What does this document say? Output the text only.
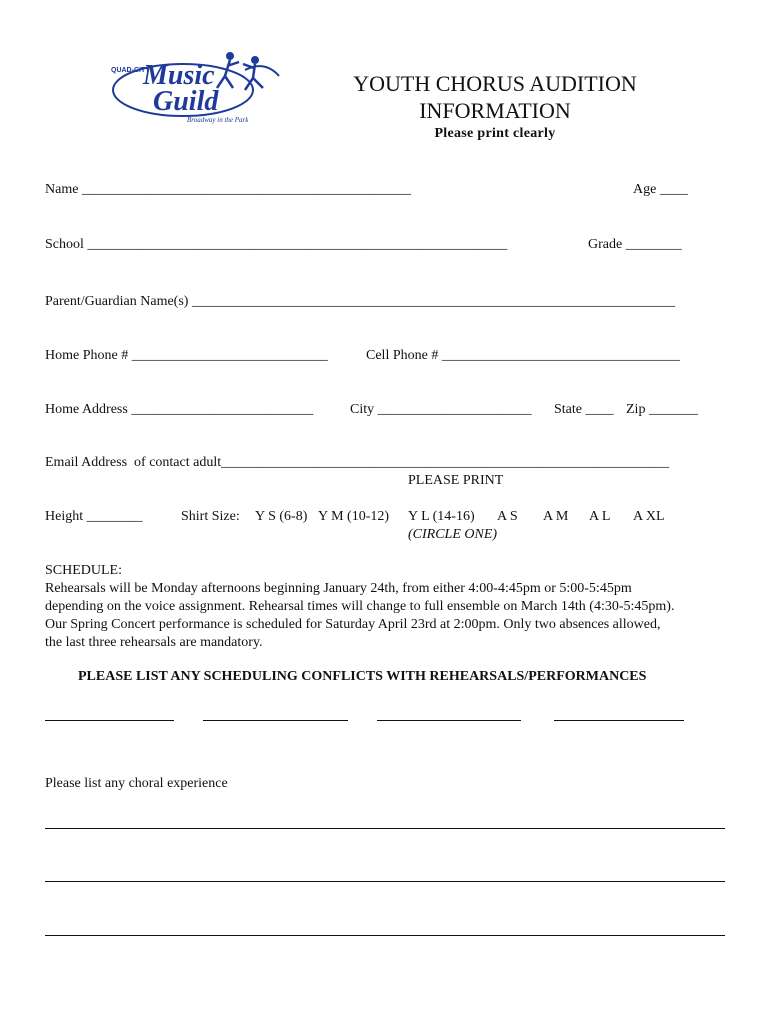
QUAD-CITY
Music
Guild
Broadway in the Park
YOUTH CHORUS AUDITION
INFORMATION
Please print clearly
Name _______________________________________________	Age ____
School ____________________________________________________________	Grade ________
Parent/Guardian Name(s) _____________________________________________________________________
Home Phone # ____________________________	Cell Phone # __________________________________
Home Address __________________________	City ______________________ State ____ Zip _______
Email Address  of contact adult________________________________________________________________
PLEASE PRINT
Height ________	Shirt Size: Y S (6-8) Y M (10-12) Y L (14-16) A S A M A L A XL
(CIRCLE ONE)

SCHEDULE:

Rehearsals will be Monday afternoons beginning January 24th, from either 4:00-4:45pm or 5:00-5:45pm

depending on the voice assignment. Rehearsal times will change to full ensemble on March 14th (4:30-5:45pm).

Our Spring Concert performance is scheduled for Saturday April 23rd at 2:00pm. Only two absences allowed,

the last three rehearsals are mandatory.

PLEASE LIST ANY SCHEDULING CONFLICTS WITH REHEARSALS/PERFORMANCES
Please list any choral experience
